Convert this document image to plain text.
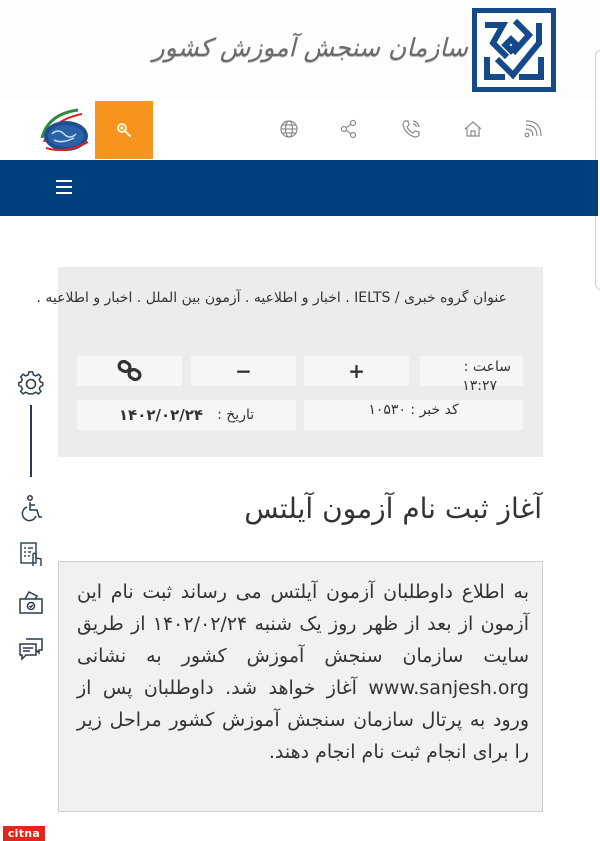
سازمان سنجش آموزش کشور
عنوان گروه خبری / IELTS . اخبار و اطلاعیه . آزمون بین الملل . اخبار و اطلاعیه .
ساعت :
۱۳:۲۷
+
−
کد خبر : ۱۰۵۳۰
تاریخ :
۱۴۰۲/۰۲/۲۴
آغاز ثبت نام آزمون آیلتس

به اطلاع داوطلبان آزمون آیلتس می رساند ثبت نام این آزمون از بعد از ظهر روز یک شنبه ۱۴۰۲/۰۲/۲۴ از طریق سایت سازمان سنجش آموزش کشور به نشانی www.sanjesh.org آغاز خواهد شد. داوطلبان پس از ورود به پرتال سازمان سنجش آموزش کشور مراحل زیر را برای انجام ثبت نام انجام دهند.

citna
